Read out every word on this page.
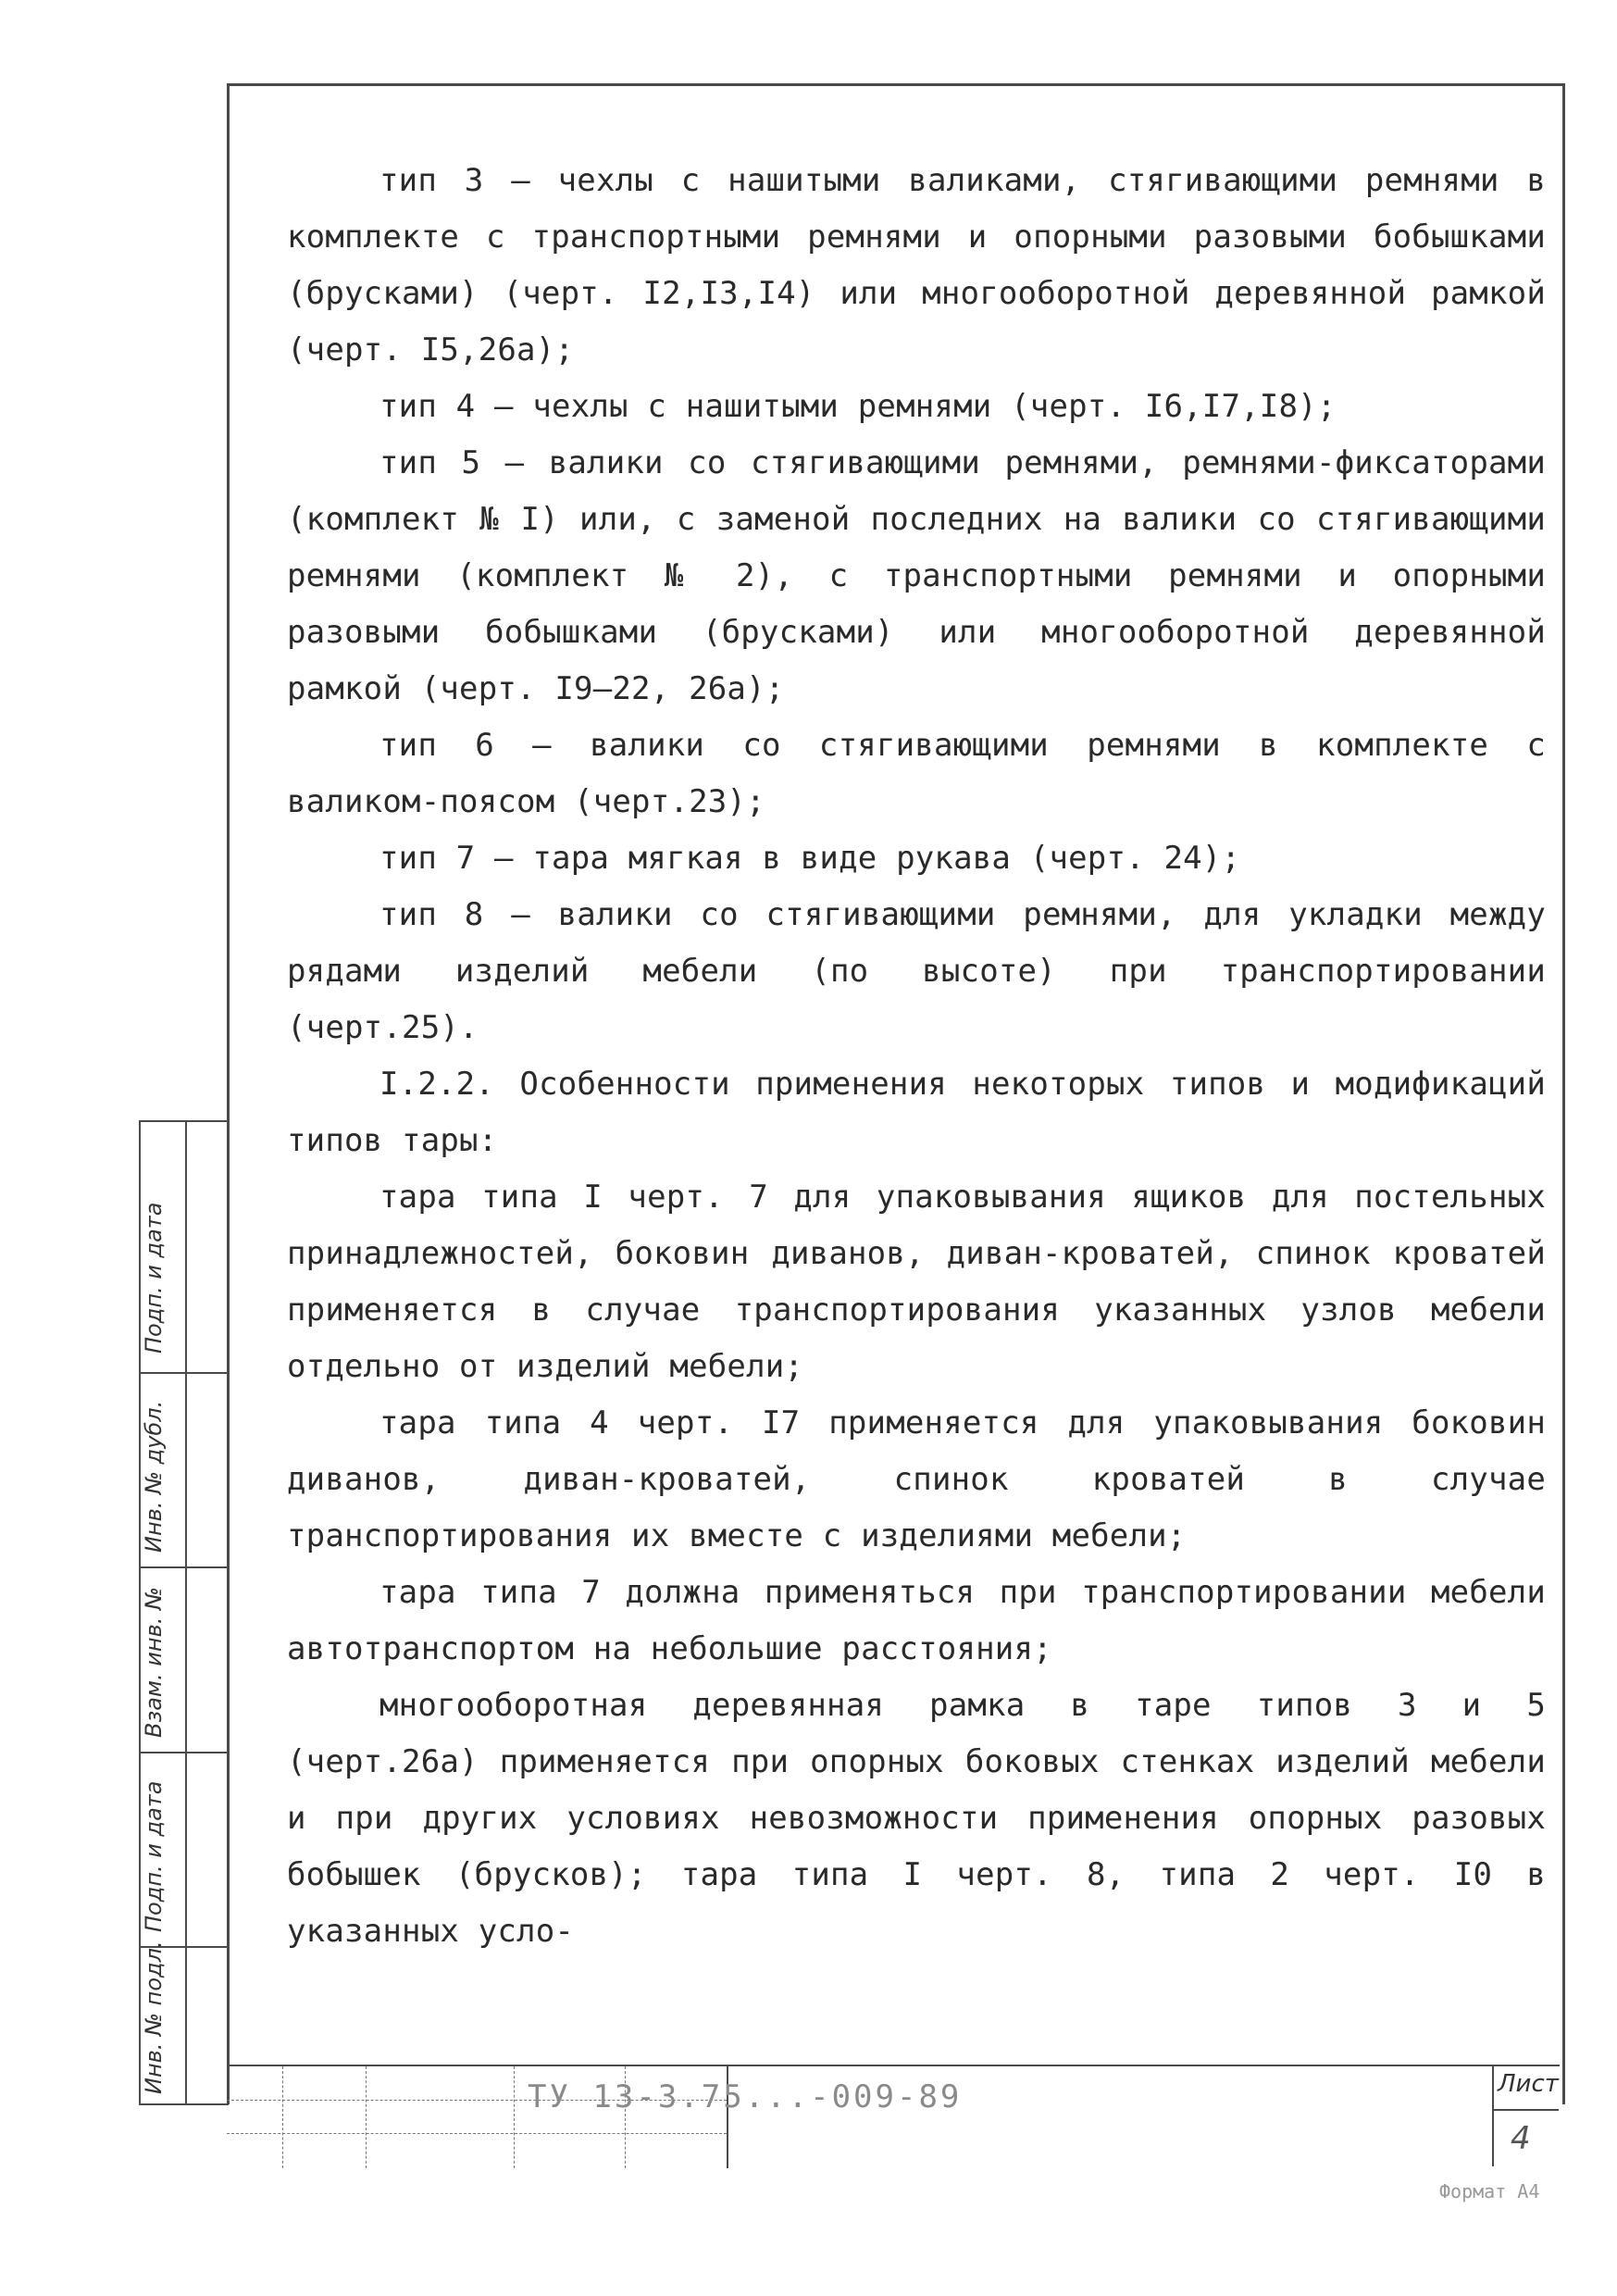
тип 3 – чехлы с нашитыми валиками, стягивающими ремнями в комплекте с транспортными ремнями и опорными разовыми бобышками (брусками) (черт. I2,I3,I4) или многооборотной деревянной рамкой (черт. I5,26а);

тип 4 – чехлы с нашитыми ремнями (черт. I6,I7,I8);

тип 5 – валики со стягивающими ремнями, ремнями-фиксаторами (комплект № I) или, с заменой последних на валики со стягивающими ремнями (комплект № 2), с транспортными ремнями и опорными разовыми бобышками (брусками) или многооборотной деревянной рамкой (черт. I9–22, 26а);

тип 6 – валики со стягивающими ремнями в комплекте с валиком-поясом (черт.23);

тип 7 – тара мягкая в виде рукава (черт. 24);

тип 8 – валики со стягивающими ремнями, для укладки между рядами изделий мебели (по высоте) при транспортировании (черт.25).

I.2.2. Особенности применения некоторых типов и модификаций типов тары:

тара типа I черт. 7 для упаковывания ящиков для постельных принадлежностей, боковин диванов, диван-кроватей, спинок кроватей применяется в случае транспортирования указанных узлов мебели отдельно от изделий мебели;

тара типа 4 черт. I7 применяется для упаковывания боковин диванов, диван-кроватей, спинок кроватей в случае транспортирования их вместе с изделиями мебели;

тара типа 7 должна применяться при транспортировании мебели автотранспортом на небольшие расстояния;

многооборотная деревянная рамка в таре типов 3 и 5 (черт.26а) применяется при опорных боковых стенках изделий мебели и при других условиях невозможности применения опорных разовых бобышек (брусков); тара типа I черт. 8, типа 2 черт. I0 в указанных усло-

Подп. и дата
Инв. № дубл.
Взам. инв. №
Подп. и дата
Инв. № подл.
ТУ 13-3.75...-009-89	Лист
4
Формат А4
